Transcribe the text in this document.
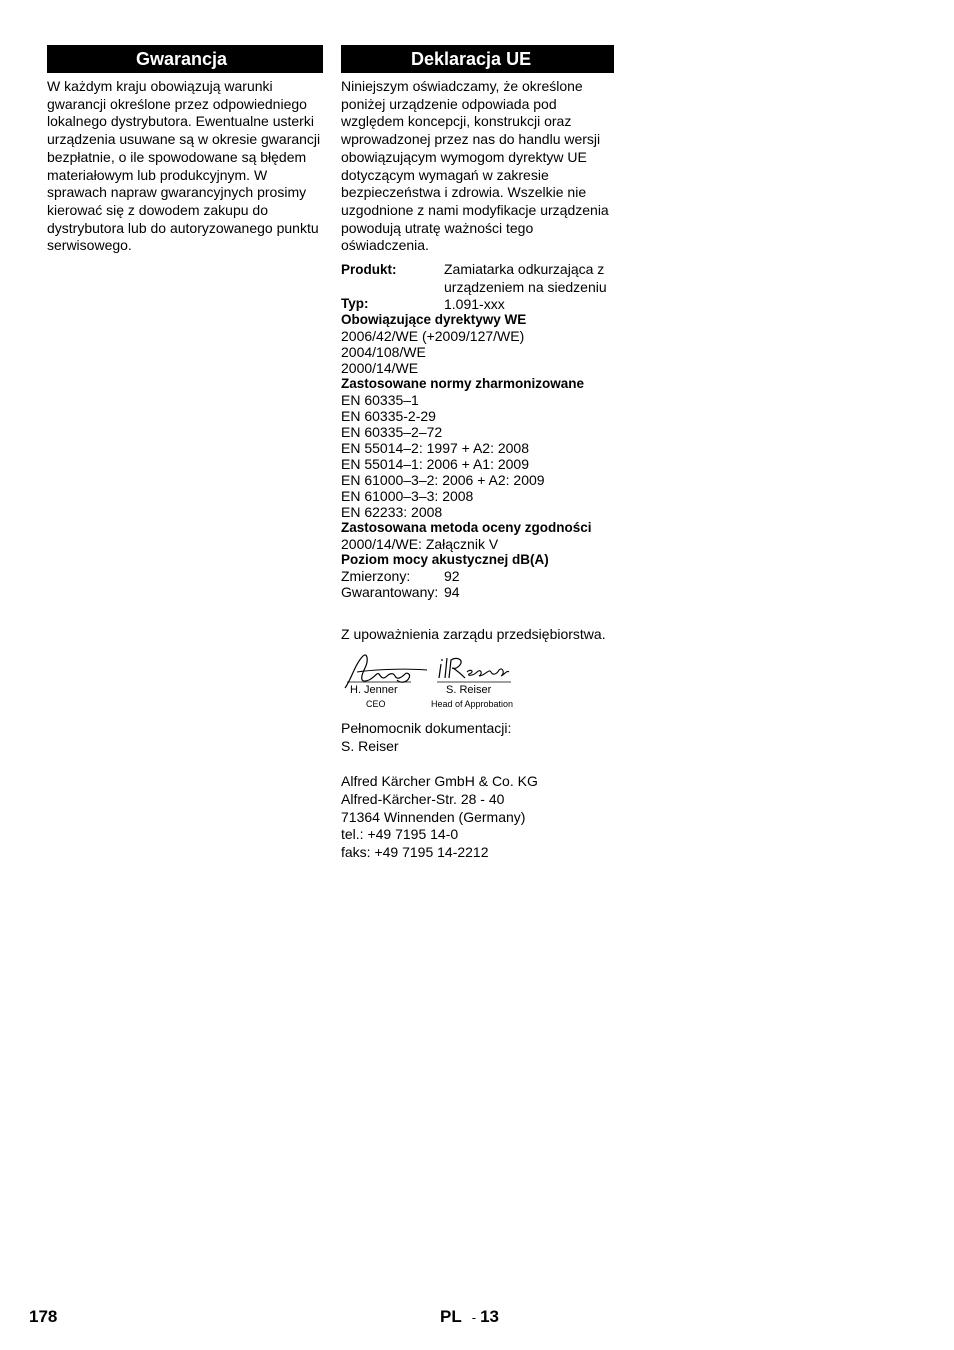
Gwarancja
W każdym kraju obowiązują warunki gwarancji określone przez odpowiedniego lokalnego dystrybutora. Ewentualne usterki urządzenia usuwane są w okresie gwarancji bezpłatnie, o ile spowodowane są błędem materiałowym lub produkcyjnym. W sprawach napraw gwarancyjnych prosimy kierować się z dowodem zakupu do dystrybutora lub do autoryzowanego punktu serwisowego.
Deklaracja UE
Niniejszym oświadczamy, że określone poniżej urządzenie odpowiada pod względem koncepcji, konstrukcji oraz wprowadzonej przez nas do handlu wersji obowiązującym wymogom dyrektyw UE dotyczącym wymagań w zakresie bezpieczeństwa i zdrowia. Wszelkie nie uzgodnione z nami modyfikacje urządzenia powodują utratę ważności tego oświadczenia.
Produkt:	Zamiatarka odkurzająca z urządzeniem na siedzeniu
Typ:	1.091-xxx
Obowiązujące dyrektywy WE
2006/42/WE (+2009/127/WE)
2004/108/WE
2000/14/WE
Zastosowane normy zharmonizowane
EN 60335–1
EN 60335-2-29
EN 60335–2–72
EN 55014–2: 1997 + A2: 2008
EN 55014–1: 2006 + A1: 2009
EN 61000–3–2: 2006 + A2: 2009
EN 61000–3–3: 2008
EN 62233: 2008
Zastosowana metoda oceny zgodności
2000/14/WE: Załącznik V
Poziom mocy akustycznej dB(A)
Zmierzony:	92
Gwarantowany: 94
Z upoważnienia zarządu przedsiębiorstwa.
H. Jenner
CEO
S. Reiser
Head of Approbation
Pełnomocnik dokumentacji:
S. Reiser
Alfred Kärcher GmbH & Co. KG
Alfred-Kärcher-Str. 28 - 40
71364 Winnenden (Germany)
tel.: +49 7195 14-0
faks: +49 7195 14-2212
178	PL - 13
